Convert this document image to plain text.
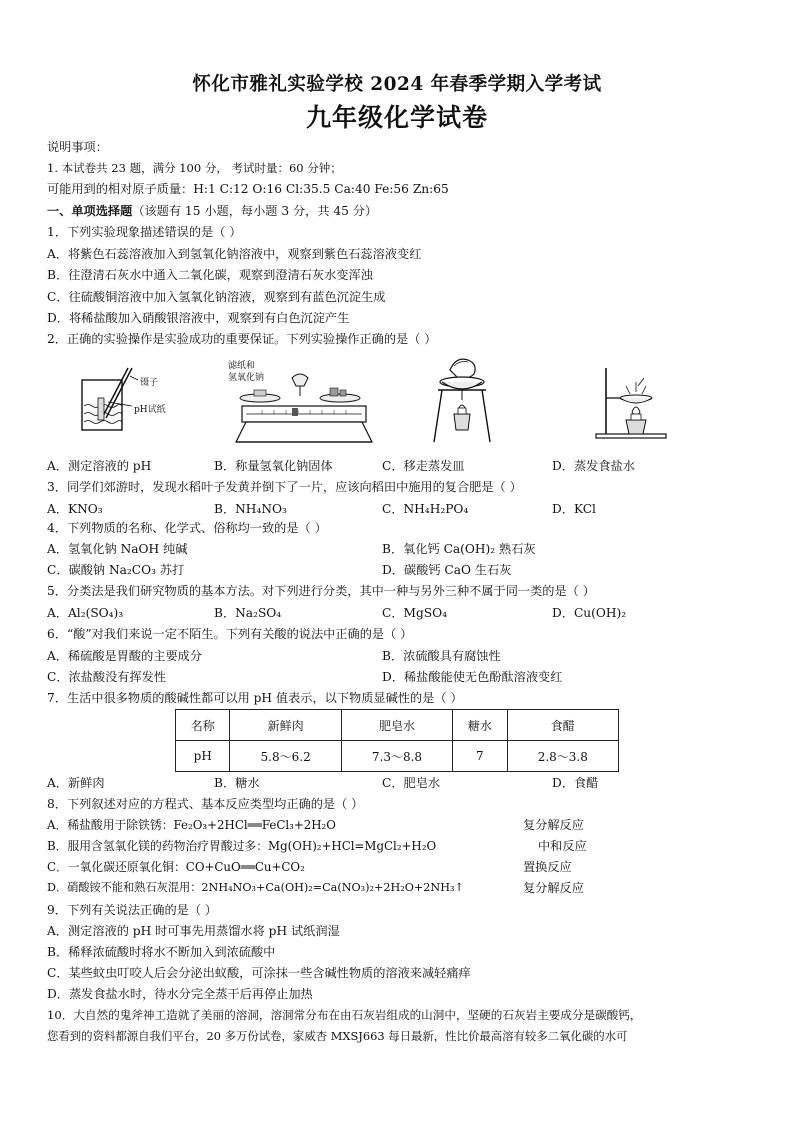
怀化市雅礼实验学校 2024 年春季学期入学考试
九年级化学试卷
说明事项：
1. 本试卷共 23 题，满分 100 分， 考试时量：60 分钟；
可能用到的相对原子质量：H:1 C:12 O:16 Cl:35.5 Ca:40 Fe:56 Zn:65
一、单项选择题（该题有 15 小题，每小题 3 分，共 45 分）
1．下列实验现象描述错误的是（ ）
A．将紫色石蕊溶液加入到氢氧化钠溶液中，观察到紫色石蕊溶液变红
B．往澄清石灰水中通入二氧化碳，观察到澄清石灰水变浑浊
C．往硫酸铜溶液中加入氢氧化钠溶液，观察到有蓝色沉淀生成
D．将稀盐酸加入硝酸银溶液中，观察到有白色沉淀产生
2．正确的实验操作是实验成功的重要保证。下列实验操作正确的是（ ）
镊子
pH试纸
滤纸和
氢氧化钠
A．测定溶液的 pH	B．称量氢氧化钠固体	C．移走蒸发皿	D．蒸发食盐水
3．同学们郊游时，发现水稻叶子发黄并倒下了一片，应该向稻田中施用的复合肥是（ ）
A．KNO₃	B．NH₄NO₃	C．NH₄H₂PO₄	D．KCl
4．下列物质的名称、化学式、俗称均一致的是（ ）
A．氢氧化钠 NaOH 纯碱	B．氧化钙 Ca(OH)₂ 熟石灰
C．碳酸钠 Na₂CO₃ 苏打	D．碳酸钙 CaO 生石灰
5．分类法是我们研究物质的基本方法。对下列进行分类，其中一种与另外三种不属于同一类的是（ ）
A．Al₂(SO₄)₃	B．Na₂SO₄	C．MgSO₄	D．Cu(OH)₂
6．“酸”对我们来说一定不陌生。下列有关酸的说法中正确的是（ ）
A．稀硫酸是胃酸的主要成分	B．浓硫酸具有腐蚀性
C．浓盐酸没有挥发性	D．稀盐酸能使无色酚酞溶液变红
7．生活中很多物质的酸碱性都可以用 pH 值表示，以下物质显碱性的是（ ）
名称	新鲜肉	肥皂水	糖水	食醋
pH	5.8～6.2	7.3～8.8	7	2.8～3.8
A．新鲜肉	B．糖水	C．肥皂水	D．食醋
8．下列叙述对应的方程式、基本反应类型均正确的是（ ）
A．稀盐酸用于除铁锈：Fe₂O₃+2HCl══FeCl₃+2H₂O	复分解反应
B．服用含氢氧化镁的药物治疗胃酸过多：Mg(OH)₂+HCl=MgCl₂+H₂O	中和反应
C．一氧化碳还原氧化铜：CO+CuO══Cu+CO₂	置换反应
D．硝酸铵不能和熟石灰混用：2NH₄NO₃+Ca(OH)₂=Ca(NO₃)₂+2H₂O+2NH₃↑	复分解反应
9．下列有关说法正确的是（ ）
A．测定溶液的 pH 时可事先用蒸馏水将 pH 试纸润湿
B．稀释浓硫酸时将水不断加入到浓硫酸中
C．某些蚊虫叮咬人后会分泌出蚁酸，可涂抹一些含碱性物质的溶液来减轻痛痒
D．蒸发食盐水时，待水分完全蒸干后再停止加热
10．大自然的鬼斧神工造就了美丽的溶洞，溶洞常分布在由石灰岩组成的山洞中，坚硬的石灰岩主要成分是碳酸钙，
您看到的资料都源自我们平台，20 多万份试卷，家威杏 MXSJ663 每日最新，性比价最高溶有较多二氧化碳的水可
